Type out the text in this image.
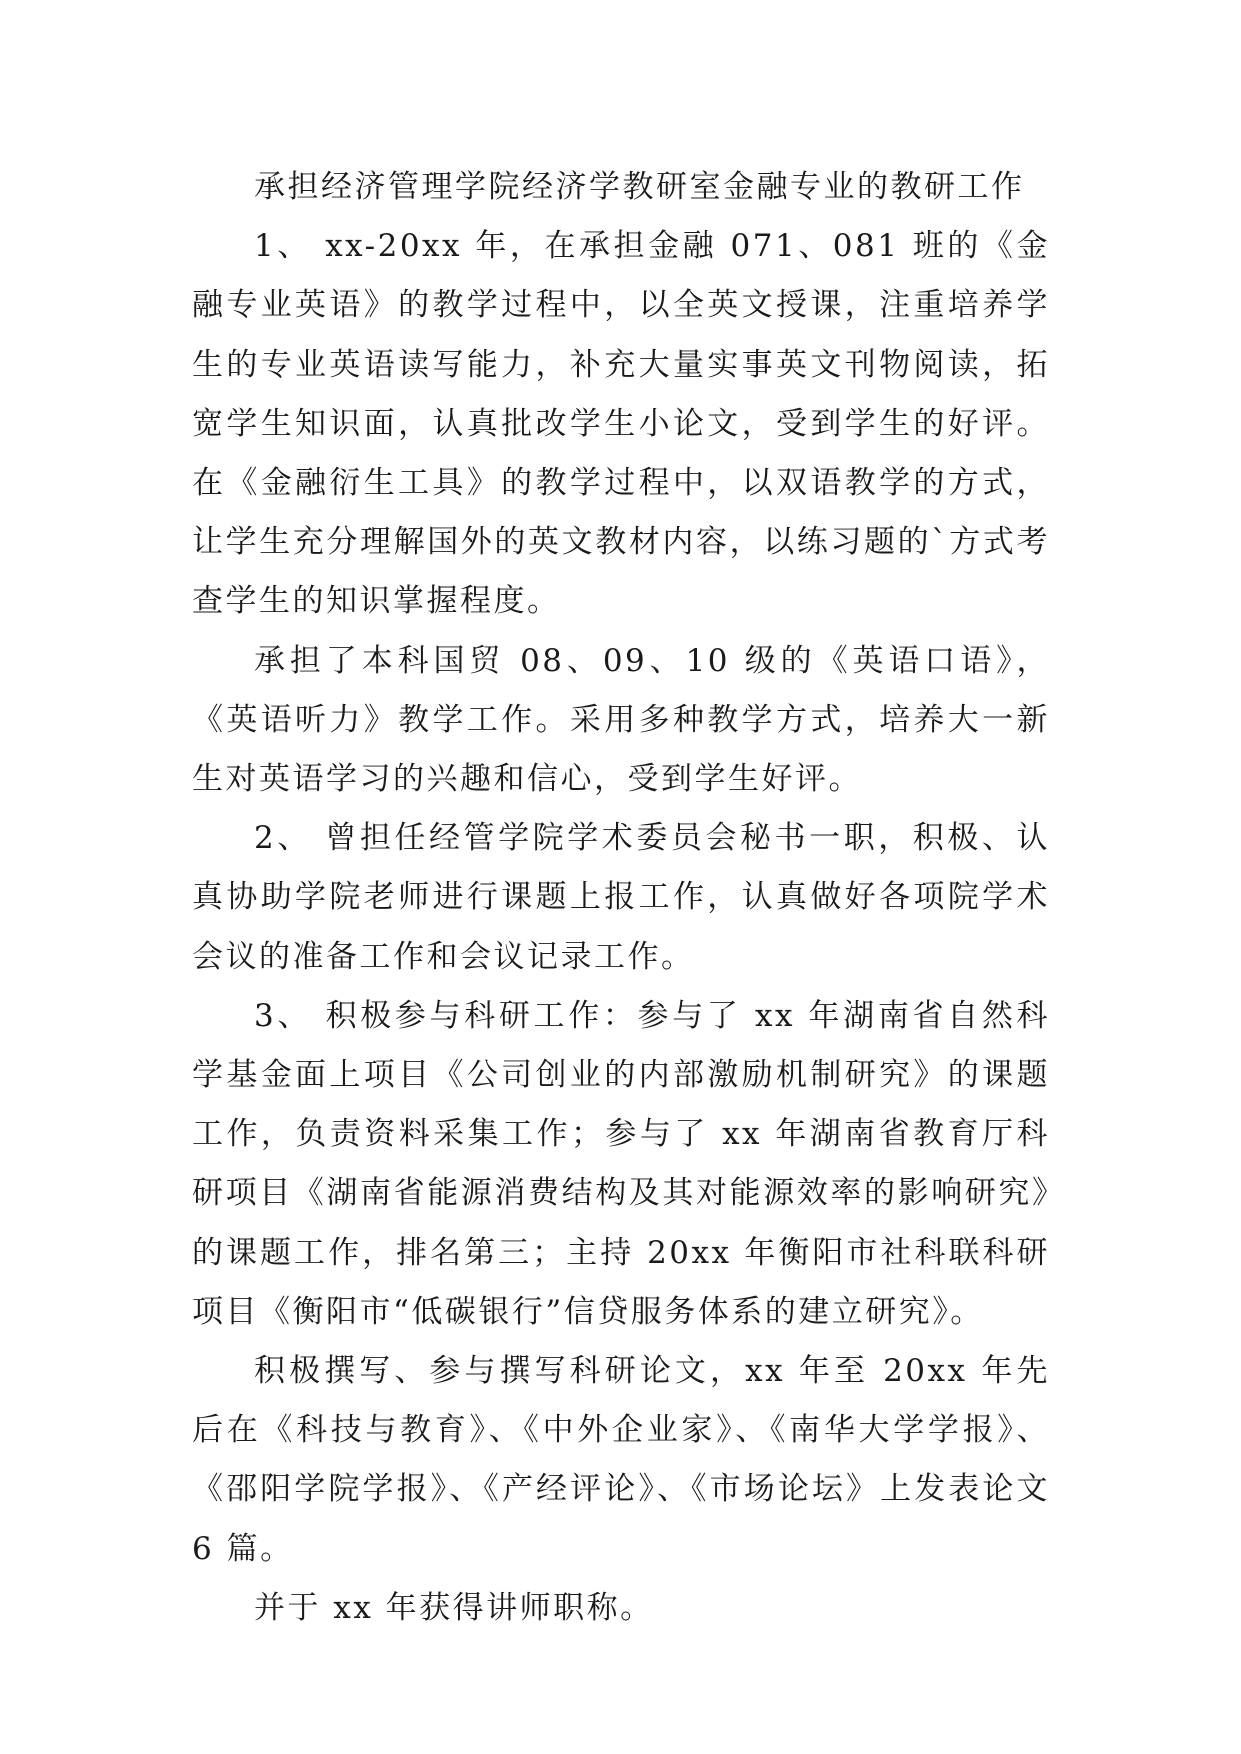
承担经济管理学院经济学教研室金融专业的教研工作

1、 xx-20xx 年，在承担金融 071、081 班的《金融专业英语》的教学过程中，以全英文授课，注重培养学生的专业英语读写能力，补充大量实事英文刊物阅读，拓宽学生知识面，认真批改学生小论文，受到学生的好评。在《金融衍生工具》的教学过程中，以双语教学的方式，让学生充分理解国外的英文教材内容，以练习题的`方式考查学生的知识掌握程度。

承担了本科国贸 08、09、10 级的《英语口语》，《英语听力》教学工作。采用多种教学方式，培养大一新生对英语学习的兴趣和信心，受到学生好评。

2、 曾担任经管学院学术委员会秘书一职，积极、认真协助学院老师进行课题上报工作，认真做好各项院学术会议的准备工作和会议记录工作。

3、 积极参与科研工作：参与了 xx 年湖南省自然科学基金面上项目《公司创业的内部激励机制研究》的课题工作，负责资料采集工作；参与了 xx 年湖南省教育厅科研项目《湖南省能源消费结构及其对能源效率的影响研究》的课题工作，排名第三；主持 20xx 年衡阳市社科联科研项目《衡阳市“低碳银行”信贷服务体系的建立研究》。

积极撰写、参与撰写科研论文，xx 年至 20xx 年先后在《科技与教育》、《中外企业家》、《南华大学学报》、《邵阳学院学报》、《产经评论》、《市场论坛》上发表论文 6 篇。

并于 xx 年获得讲师职称。
